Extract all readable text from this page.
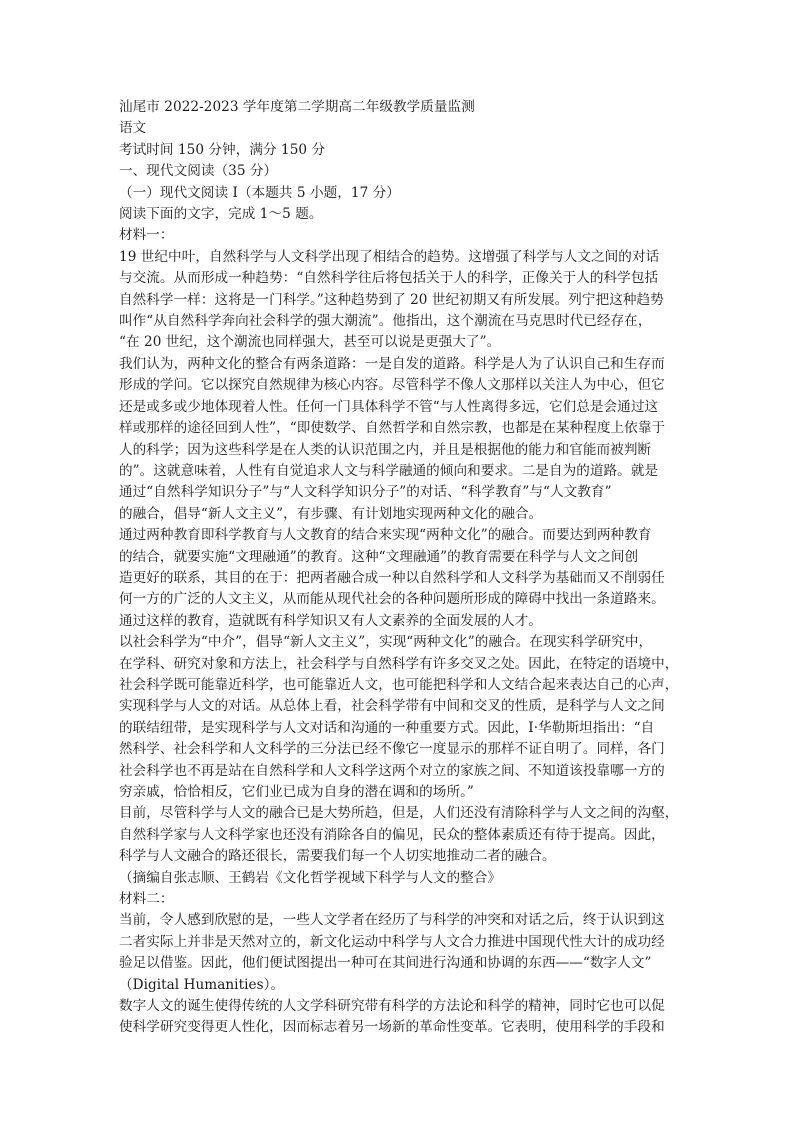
汕尾市 2022-2023 学年度第二学期高二年级教学质量监测
语文
考试时间 150 分钟，满分 150 分
一、现代文阅读（35 分）
（一）现代文阅读 I（本题共 5 小题，17 分）
阅读下面的文字，完成 1～5 题。
材料一：
19 世纪中叶，自然科学与人文科学出现了相结合的趋势。这增强了科学与人文之间的对话
与交流。从而形成一种趋势：“自然科学往后将包括关于人的科学，正像关于人的科学包括
自然科学一样：这将是一门科学。”这种趋势到了 20 世纪初期又有所发展。列宁把这种趋势
叫作“从自然科学奔向社会科学的强大潮流”。他指出，这个潮流在马克思时代已经存在，
“在 20 世纪，这个潮流也同样强大，甚至可以说是更强大了”。
我们认为，两种文化的整合有两条道路：一是自发的道路。科学是人为了认识自己和生存而
形成的学问。它以探究自然规律为核心内容。尽管科学不像人文那样以关注人为中心，但它
还是或多或少地体现着人性。任何一门具体科学不管“与人性离得多远，它们总是会通过这
样或那样的途径回到人性”，“即使数学、自然哲学和自然宗教，也都是在某种程度上依靠于
人的科学；因为这些科学是在人类的认识范围之内，并且是根据他的能力和官能而被判断
的”。这就意味着，人性有自觉追求人文与科学融通的倾向和要求。二是自为的道路。就是
通过“自然科学知识分子”与“人文科学知识分子”的对话、“科学教育”与“人文教育”
的融合，倡导“新人文主义”，有步骤、有计划地实现两种文化的融合。
通过两种教育即科学教育与人文教育的结合来实现“两种文化”的融合。而要达到两种教育
的结合，就要实施“文理融通”的教育。这种“文理融通”的教育需要在科学与人文之间创
造更好的联系，其目的在于：把两者融合成一种以自然科学和人文科学为基础而又不削弱任
何一方的广泛的人文主义，从而能从现代社会的各种问题所形成的障碍中找出一条道路来。
通过这样的教育，造就既有科学知识又有人文素养的全面发展的人才。
以社会科学为“中介”，倡导“新人文主义”，实现“两种文化”的融合。在现实科学研究中，
在学科、研究对象和方法上，社会科学与自然科学有许多交叉之处。因此，在特定的语境中，
社会科学既可能靠近科学，也可能靠近人文，也可能把科学和人文结合起来表达自己的心声，
实现科学与人文的对话。从总体上看，社会科学带有中间和交叉的性质，是科学与人文之间
的联结纽带，是实现科学与人文对话和沟通的一种重要方式。因此，I·华勒斯坦指出：“自
然科学、社会科学和人文科学的三分法已经不像它一度显示的那样不证自明了。同样，各门
社会科学也不再是站在自然科学和人文科学这两个对立的家族之间、不知道该投靠哪一方的
穷亲戚，恰恰相反，它们业已成为自身的潜在调和的场所。”
目前，尽管科学与人文的融合已是大势所趋，但是，人们还没有清除科学与人文之间的沟壑，
自然科学家与人文科学家也还没有消除各自的偏见，民众的整体素质还有待于提高。因此，
科学与人文融合的路还很长，需要我们每一个人切实地推动二者的融合。
（摘编自张志顺、王鹤岩《文化哲学视域下科学与人文的整合》
材料二：
当前，令人感到欣慰的是，一些人文学者在经历了与科学的冲突和对话之后，终于认识到这
二者实际上并非是天然对立的，新文化运动中科学与人文合力推进中国现代性大计的成功经
验足以借鉴。因此，他们便试图提出一种可在其间进行沟通和协调的东西——“数字人文”
（Digital Humanities）。
数字人文的诞生使得传统的人文学科研究带有科学的方法论和科学的精神，同时它也可以促
使科学研究变得更人性化，因而标志着另一场新的革命性变革。它表明，使用科学的手段和
